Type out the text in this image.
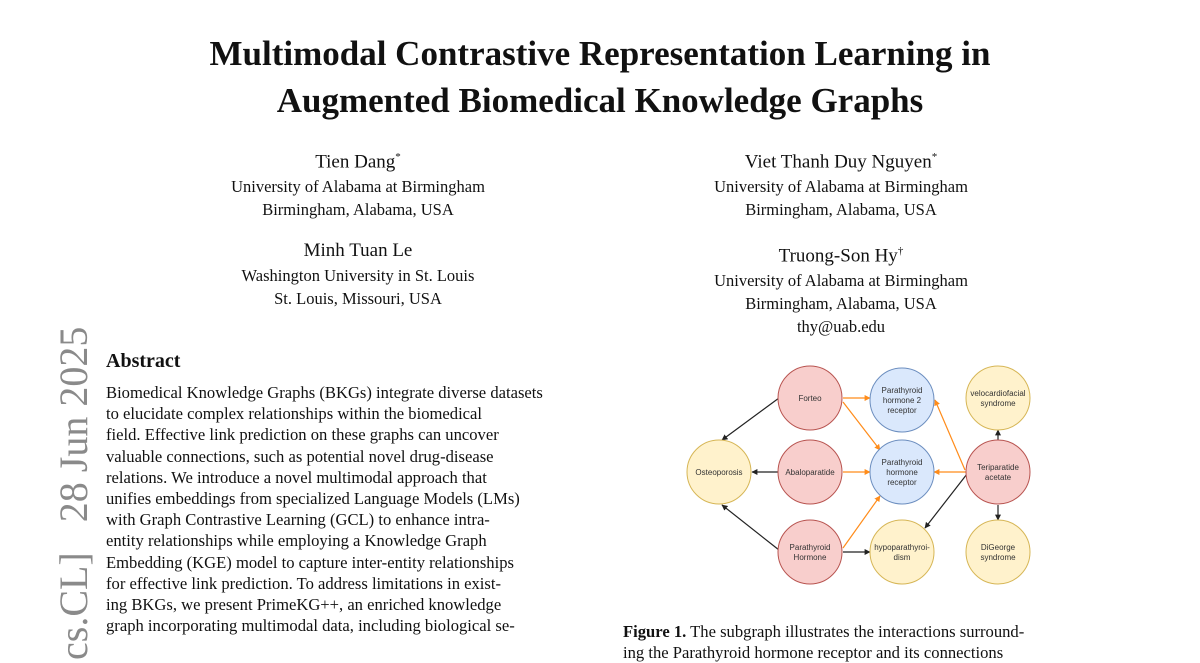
Multimodal Contrastive Representation Learning in
Augmented Biomedical Knowledge Graphs
Tien Dang*
University of Alabama at Birmingham
Birmingham, Alabama, USA
Viet Thanh Duy Nguyen*
University of Alabama at Birmingham
Birmingham, Alabama, USA
Minh Tuan Le
Washington University in St. Louis
St. Louis, Missouri, USA
Truong-Son Hy†
University of Alabama at Birmingham
Birmingham, Alabama, USA
thy@uab.edu
cs.CL]   28 Jun 2025 Abstract
Biomedical Knowledge Graphs (BKGs) integrate diverse datasets
to elucidate complex relationships within the biomedical
field. Effective link prediction on these graphs can uncover
valuable connections, such as potential novel drug-disease
relations. We introduce a novel multimodal approach that
unifies embeddings from specialized Language Models (LMs)
with Graph Contrastive Learning (GCL) to enhance intra-
entity relationships while employing a Knowledge Graph
Embedding (KGE) model to capture inter-entity relationships
for effective link prediction. To address limitations in exist-
ing BKGs, we present PrimeKG++, an enriched knowledge
graph incorporating multimodal data, including biological se-
Forteo
Parathyroid
hormone 2
receptor
velocardiofacial
syndrome
Osteoporosis	Abaloparatide
Parathyroid
hormone
receptor
Teriparatide
acetate
Parathyroid
Hormone
hypoparathyroi-
dism
DiGeorge
syndrome
Figure 1. The subgraph illustrates the interactions surround-
ing the Parathyroid hormone receptor and its connections
